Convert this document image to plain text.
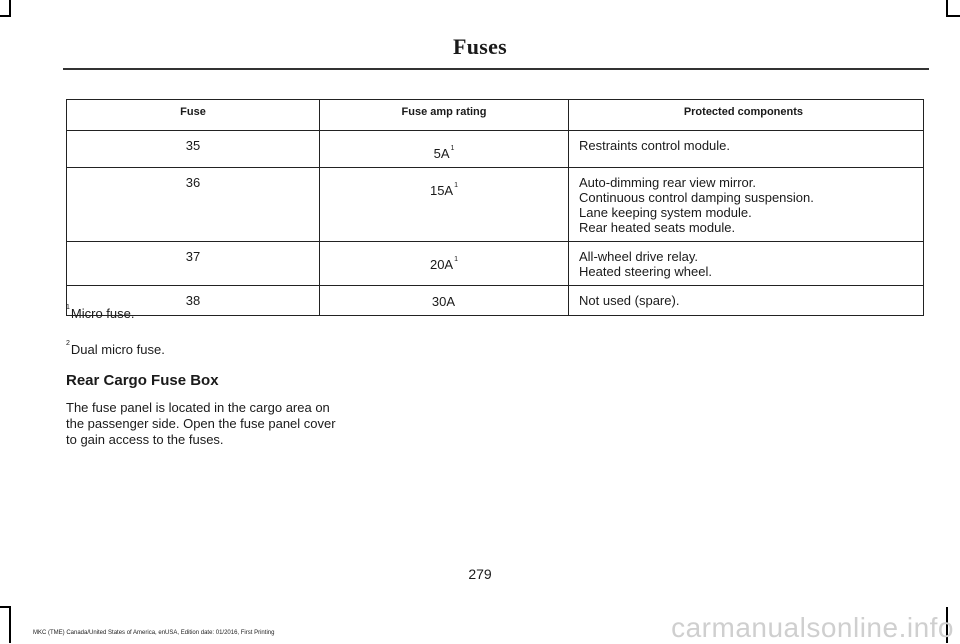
Fuses
Fuse	Fuse amp rating	Protected components
35	$5A^1$	Restraints control module.

36	$15A^1$	Auto-dimming rear view mirror.
Continuous control damping suspension.
Lane keeping system module.
Rear heated seats module.

37	$20A^1$	All-wheel drive relay.
Heated steering wheel.

38	30A	Not used (spare).

$^1$Micro fuse.

$^2$Dual micro fuse.

Rear Cargo Fuse Box

The fuse panel is located in the cargo area on the passenger side. Open the fuse panel cover to gain access to the fuses.

279
MKC (TME) Canada/United States of America, enUSA, Edition date: 01/2016, First Printing	carmanualsonline.info
